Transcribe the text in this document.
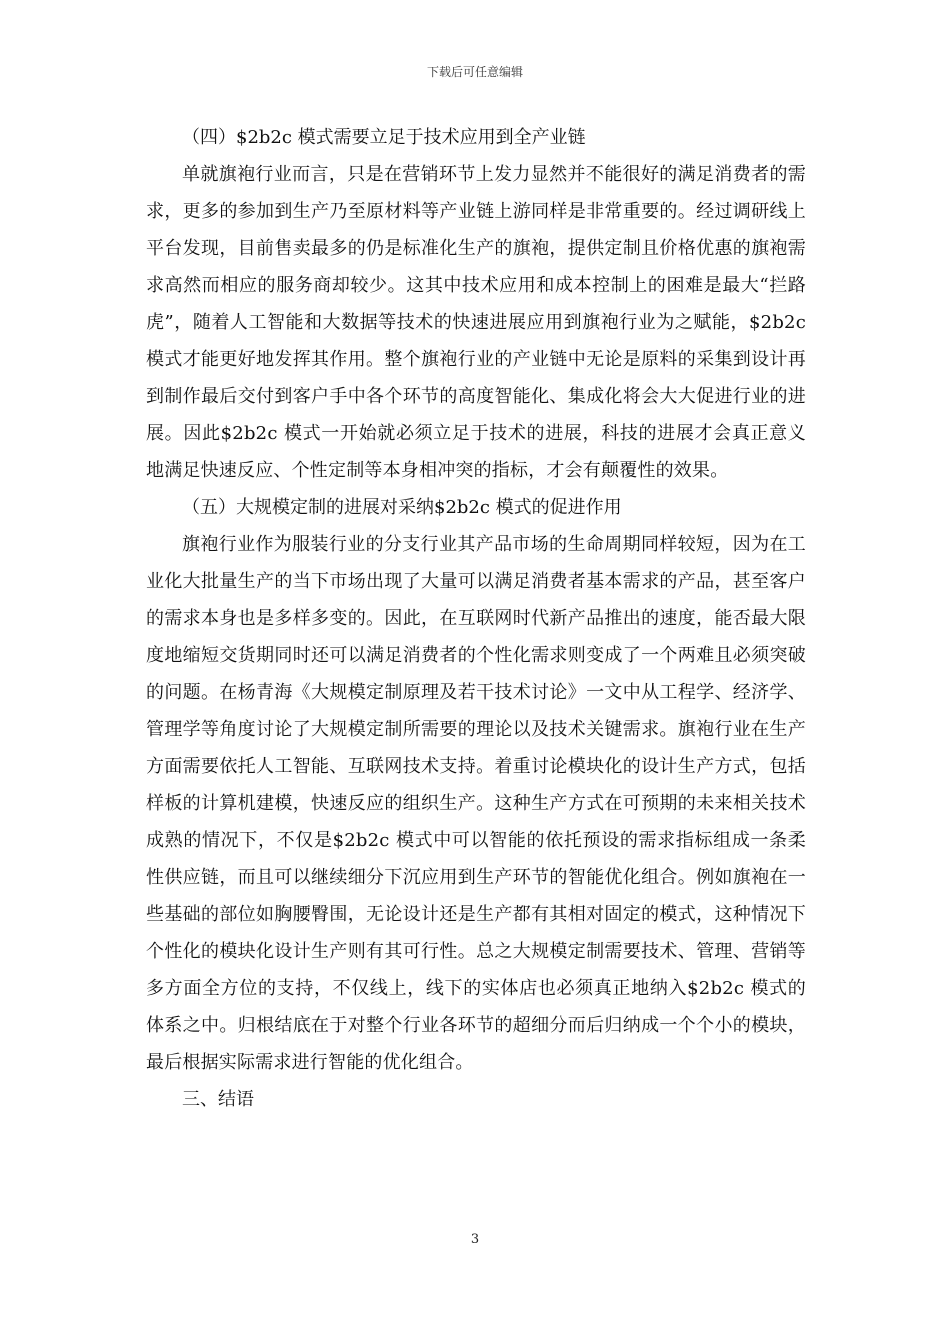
下载后可任意编辑

（四）$2b2c 模式需要立足于技术应用到全产业链

单就旗袍行业而言，只是在营销环节上发力显然并不能很好的满足消费者的需求，更多的参加到生产乃至原材料等产业链上游同样是非常重要的。经过调研线上平台发现，目前售卖最多的仍是标准化生产的旗袍，提供定制且价格优惠的旗袍需求高然而相应的服务商却较少。这其中技术应用和成本控制上的困难是最大“拦路虎”，随着人工智能和大数据等技术的快速进展应用到旗袍行业为之赋能，$2b2c 模式才能更好地发挥其作用。整个旗袍行业的产业链中无论是原料的采集到设计再到制作最后交付到客户手中各个环节的高度智能化、集成化将会大大促进行业的进展。因此$2b2c 模式一开始就必须立足于技术的进展，科技的进展才会真正意义地满足快速反应、个性定制等本身相冲突的指标，才会有颠覆性的效果。

（五）大规模定制的进展对采纳$2b2c 模式的促进作用

旗袍行业作为服装行业的分支行业其产品市场的生命周期同样较短，因为在工业化大批量生产的当下市场出现了大量可以满足消费者基本需求的产品，甚至客户的需求本身也是多样多变的。因此，在互联网时代新产品推出的速度，能否最大限度地缩短交货期同时还可以满足消费者的个性化需求则变成了一个两难且必须突破的问题。在杨青海《大规模定制原理及若干技术讨论》一文中从工程学、经济学、管理学等角度讨论了大规模定制所需要的理论以及技术关键需求。旗袍行业在生产方面需要依托人工智能、互联网技术支持。着重讨论模块化的设计生产方式，包括样板的计算机建模，快速反应的组织生产。这种生产方式在可预期的未来相关技术成熟的情况下，不仅是$2b2c 模式中可以智能的依托预设的需求指标组成一条柔性供应链，而且可以继续细分下沉应用到生产环节的智能优化组合。例如旗袍在一些基础的部位如胸腰臀围，无论设计还是生产都有其相对固定的模式，这种情况下个性化的模块化设计生产则有其可行性。总之大规模定制需要技术、管理、营销等多方面全方位的支持，不仅线上，线下的实体店也必须真正地纳入$2b2c 模式的体系之中。归根结底在于对整个行业各环节的超细分而后归纳成一个个小的模块，最后根据实际需求进行智能的优化组合。

三、结语

3
